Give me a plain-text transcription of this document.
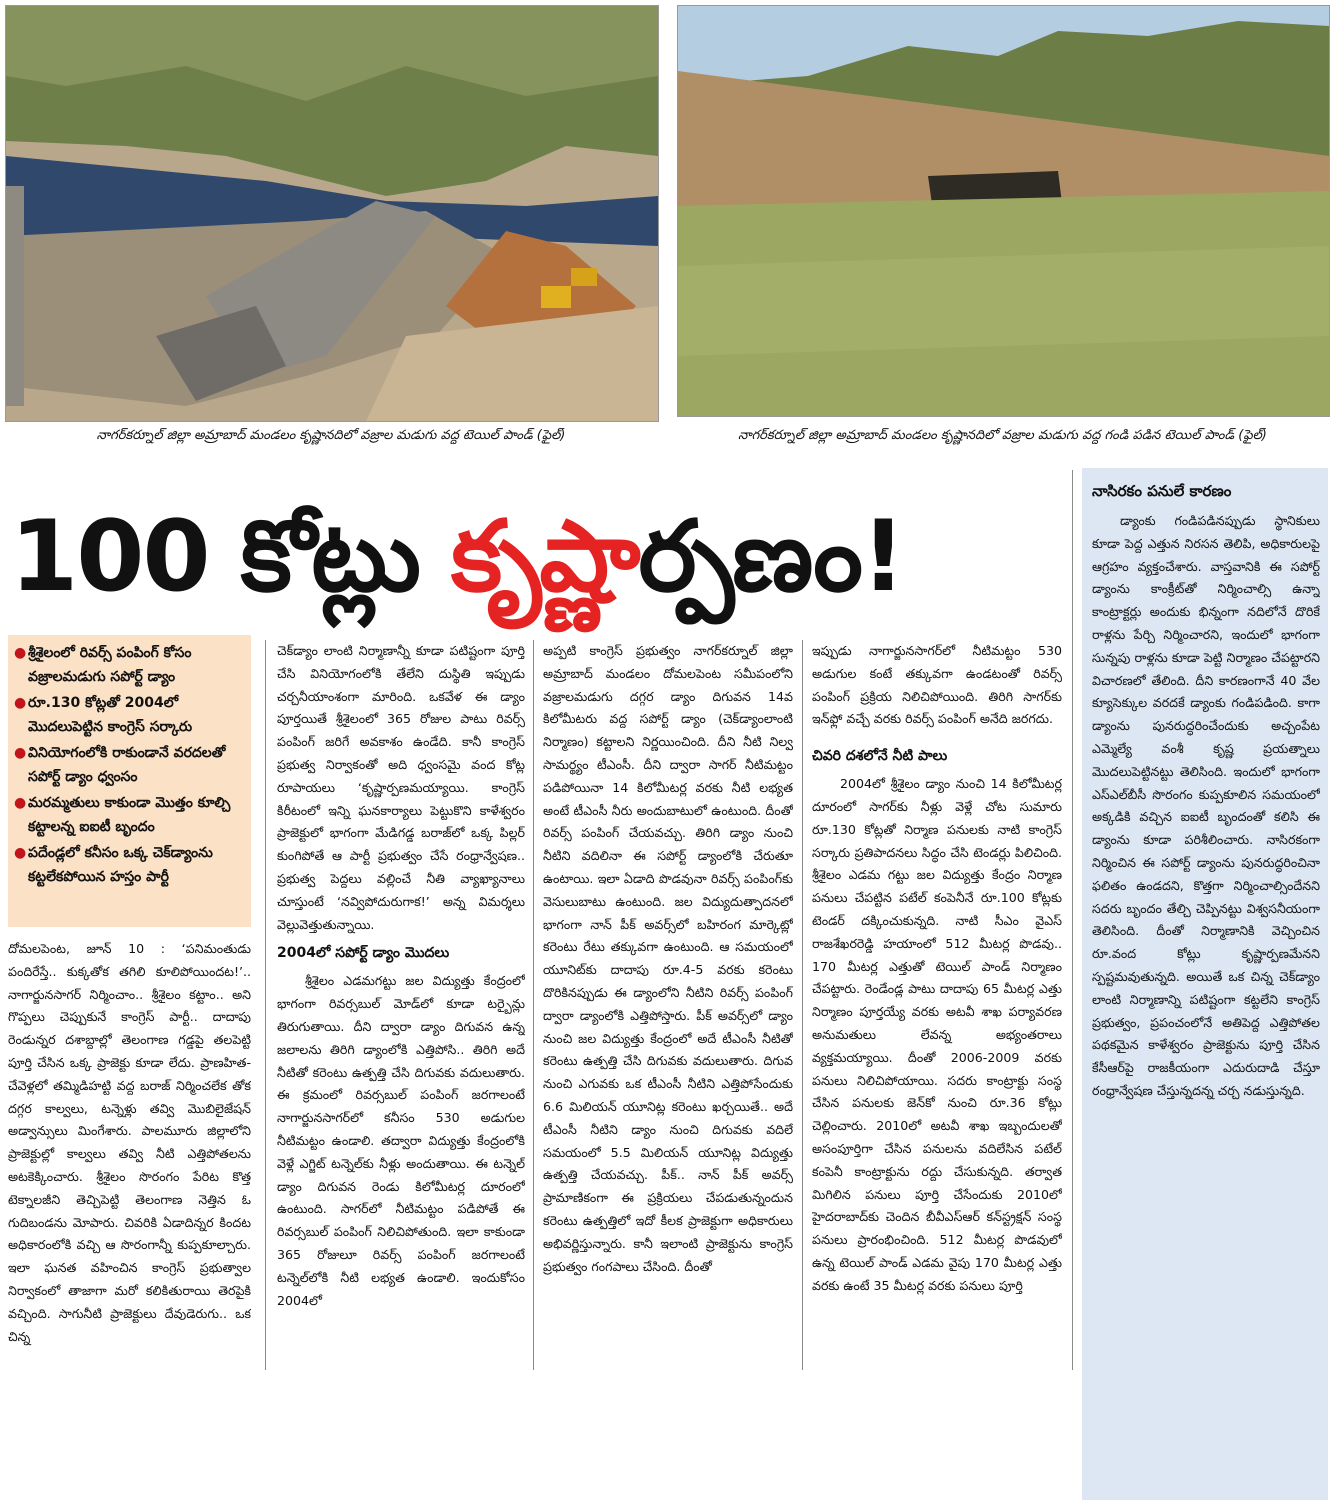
నాగర్‌కర్నూల్ జిల్లా అమ్రాబాద్ మండలం కృష్ణానదిలో వజ్రాల మడుగు వద్ద టెయిల్ పాండ్ (ఫైల్)	నాగర్‌కర్నూల్ జిల్లా అమ్రాబాద్ మండలం కృష్ణానదిలో వజ్రాల మడుగు వద్ద గండి పడిన టెయిల్ పాండ్ (ఫైల్)
100 కోట్లు కృష్ణార్పణం!
● శ్రీశైలంలో రివర్స్ పంపింగ్ కోసం వజ్రాలమడుగు సపోర్ట్ డ్యాం
● రూ.130 కోట్లతో 2004లో మొదలుపెట్టిన కాంగ్రెస్ సర్కారు
● వినియోగంలోకి రాకుండానే వరదలతో సపోర్ట్ డ్యాం ధ్వంసం
● మరమ్మతులు కాకుండా మొత్తం కూల్చి కట్టాలన్న ఐఐటీ బృందం
● పదేండ్లలో కనీసం ఒక్క చెక్‌డ్యాంను కట్టలేకపోయిన హస్తం పార్టీ

దోమలపెంట, జూన్ 10 : ‘పనిమంతుడు పందిరేస్తే.. కుక్కతోక తగిలి కూలిపోయిందట!’.. నాగార్జునసాగర్ నిర్మించాం.. శ్రీశైలం కట్టాం.. అని గొప్పలు చెప్పుకునే కాంగ్రెస్ పార్టీ.. దాదాపు రెండున్నర దశాబ్దాల్లో తెలంగాణ గడ్డపై తలపెట్టి పూర్తి చేసిన ఒక్క ప్రాజెక్టు కూడా లేదు. ప్రాణహిత-చేవెళ్లలో తమ్మిడిహట్టి వద్ద బరాజ్ నిర్మించలేక తోక దగ్గర కాల్వలు, టన్నెళ్లు తవ్వి మొబిలైజేషన్ అడ్వాన్సులు మింగేశారు. పాలమూరు జిల్లాలోని ప్రాజెక్టుల్లో కాల్వలు తవ్వి నీటి ఎత్తిపోతలను అటకెక్కించారు. శ్రీశైలం సొరంగం పేరిట కొత్త టెక్నాలజీని తెచ్చిపెట్టి తెలంగాణ నెత్తిన ఓ గుదిబండను మోపారు. చివరికి ఏడాదిన్నర కిందట అధికారంలోకి వచ్చి ఆ సొరంగాన్నీ కుప్పకూల్చారు. ఇలా ఘనత వహించిన కాంగ్రెస్ ప్రభుత్వాల నిర్వాకంలో తాజాగా మరో కలికితురాయి తెరపైకి వచ్చింది. సాగునీటి ప్రాజెక్టులు దేవుడెరుగు.. ఒక చిన్న

చెక్‌డ్యాం లాంటి నిర్మాణాన్నీ కూడా పటిష్టంగా పూర్తి చేసి వినియోగంలోకి తేలేని దుస్థితి ఇప్పుడు చర్చనీయాంశంగా మారింది. ఒకవేళ ఈ డ్యాం పూర్తయితే శ్రీశైలంలో 365 రోజుల పాటు రివర్స్ పంపింగ్ జరిగే అవకాశం ఉండేది. కానీ కాంగ్రెస్ ప్రభుత్వ నిర్వాకంతో అది ధ్వంసమై వంద కోట్ల రూపాయలు ‘కృష్ణార్పణమయ్యాయి. కాంగ్రెస్ కిరీటంలో ఇన్ని ఘనకార్యాలు పెట్టుకొని కాళేశ్వరం ప్రాజెక్టులో భాగంగా మేడిగడ్డ బరాజ్‌లో ఒక్క పిల్లర్ కుంగిపోతే ఆ పార్టీ ప్రభుత్వం చేసే రంధ్రాన్వేషణ.. ప్రభుత్వ పెద్దలు వల్లించే నీతి వ్యాఖ్యానాలు చూస్తుంటే ‘నవ్విపోదురుగాక!’ అన్న విమర్శలు వెల్లువెత్తుతున్నాయి.

2004లో సపోర్ట్ డ్యాం మొదలు

శ్రీశైలం ఎడమగట్టు జల విద్యుత్తు కేంద్రంలో భాగంగా రివర్సబుల్ మోడ్‌లో కూడా టర్బైన్లు తిరుగుతాయి. దీని ద్వారా డ్యాం దిగువన ఉన్న జలాలను తిరిగి డ్యాంలోకి ఎత్తిపోసి.. తిరిగి అదే నీటితో కరెంటు ఉత్పత్తి చేసి దిగువకు వదులుతారు. ఈ క్రమంలో రివర్సబుల్ పంపింగ్ జరగాలంటే నాగార్జునసాగర్‌లో కనీసం 530 అడుగుల నీటిమట్టం ఉండాలి. తద్వారా విద్యుత్తు కేంద్రంలోకి వెళ్లే ఎగ్జిట్ టన్నెల్‌కు నీళ్లు అందుతాయి. ఈ టన్నెల్ డ్యాం దిగువన రెండు కిలోమీటర్ల దూరంలో ఉంటుంది. సాగర్‌లో నీటిమట్టం పడిపోతే ఈ రివర్సబుల్ పంపింగ్ నిలిచిపోతుంది. ఇలా కాకుండా 365 రోజులూ రివర్స్ పంపింగ్ జరగాలంటే టన్నెల్‌లోకి నీటి లభ్యత ఉండాలి. ఇందుకోసం 2004లో

అప్పటి కాంగ్రెస్ ప్రభుత్వం నాగర్‌కర్నూల్ జిల్లా అమ్రాబాద్ మండలం దోమలపెంట సమీపంలోని వజ్రాలమడుగు దగ్గర డ్యాం దిగువన 14వ కిలోమీటరు వద్ద సపోర్ట్ డ్యాం (చెక్‌డ్యాంలాంటి నిర్మాణం) కట్టాలని నిర్ణయించింది. దీని నీటి నిల్వ సామర్థ్యం టీఎంసీ. దీని ద్వారా సాగర్ నీటిమట్టం పడిపోయినా 14 కిలోమీటర్ల వరకు నీటి లభ్యత అంటే టీఎంసీ నీరు అందుబాటులో ఉంటుంది. దీంతో రివర్స్ పంపింగ్ చేయవచ్చు. తిరిగి డ్యాం నుంచి నీటిని వదిలినా ఈ సపోర్ట్ డ్యాంలోకి చేరుతూ ఉంటాయి. ఇలా ఏడాది పొడవునా రివర్స్ పంపింగ్‌కు వెసులుబాటు ఉంటుంది. జల విద్యుదుత్పాదనలో భాగంగా నాన్ పీక్ అవర్స్‌లో బహిరంగ మార్కెట్లో కరెంటు రేటు తక్కువగా ఉంటుంది. ఆ సమయంలో యూనిట్‌కు దాదాపు రూ.4-5 వరకు కరెంటు దొరికినప్పుడు ఈ డ్యాంలోని నీటిని రివర్స్ పంపింగ్ ద్వారా డ్యాంలోకి ఎత్తిపోస్తారు. పీక్ అవర్స్‌లో డ్యాం నుంచి జల విద్యుత్తు కేంద్రంలో అదే టీఎంసీ నీటితో కరెంటు ఉత్పత్తి చేసి దిగువకు వదులుతారు. దిగువ నుంచి ఎగువకు ఒక టీఎంసీ నీటిని ఎత్తిపోసేందుకు 6.6 మిలియన్ యూనిట్ల కరెంటు ఖర్చయితే.. అదే టీఎంసీ నీటిని డ్యాం నుంచి దిగువకు వదిలే సమయంలో 5.5 మిలియన్ యూనిట్ల విద్యుత్తు ఉత్పత్తి చేయవచ్చు. పీక్.. నాన్ పీక్ అవర్స్ ప్రామాణికంగా ఈ ప్రక్రియలు చేపడుతున్నందున కరెంటు ఉత్పత్తిలో ఇదో కీలక ప్రాజెక్టుగా అధికారులు అభివర్ణిస్తున్నారు. కానీ ఇలాంటి ప్రాజెక్టును కాంగ్రెస్ ప్రభుత్వం గంగపాలు చేసింది. దీంతో

ఇప్పుడు నాగార్జునసాగర్‌లో నీటిమట్టం 530 అడుగుల కంటే తక్కువగా ఉండటంతో రివర్స్ పంపింగ్ ప్రక్రియ నిలిచిపోయింది. తిరిగి సాగర్‌కు ఇన్‌ఫ్లో వచ్చే వరకు రివర్స్ పంపింగ్ అనేది జరగదు.

చివరి దశలోనే నీటి పాలు

2004లో శ్రీశైలం డ్యాం నుంచి 14 కిలోమీటర్ల దూరంలో సాగర్‌కు నీళ్లు వెళ్లే చోట సుమారు రూ.130 కోట్లతో నిర్మాణ పనులకు నాటి కాంగ్రెస్ సర్కారు ప్రతిపాదనలు సిద్ధం చేసి టెండర్లు పిలిచింది. శ్రీశైలం ఎడమ గట్టు జల విద్యుత్తు కేంద్రం నిర్మాణ పనులు చేపట్టిన పటేల్ కంపెనీనే రూ.100 కోట్లకు టెండర్ దక్కించుకున్నది. నాటి సీఎం వైఎస్ రాజశేఖరరెడ్డి హయాంలో 512 మీటర్ల పొడవు.. 170 మీటర్ల ఎత్తుతో టెయిల్ పాండ్ నిర్మాణం చేపట్టారు. రెండేండ్ల పాటు దాదాపు 65 మీటర్ల ఎత్తు నిర్మాణం పూర్తయ్యే వరకు అటవీ శాఖ పర్యావరణ అనుమతులు లేవన్న అభ్యంతరాలు వ్యక్తమయ్యాయి. దీంతో 2006-2009 వరకు పనులు నిలిచిపోయాయి. సదరు కాంట్రాక్టు సంస్థ చేసిన పనులకు జెన్‌కో నుంచి రూ.36 కోట్లు చెల్లించారు. 2010లో అటవీ శాఖ ఇబ్బందులతో అసంపూర్తిగా చేసిన పనులను వదిలేసిన పటేల్ కంపెనీ కాంట్రాక్టును రద్దు చేసుకున్నది. తర్వాత మిగిలిన పనులు పూర్తి చేసేందుకు 2010లో హైదరాబాద్‌కు చెందిన బీవీఎస్‌ఆర్ కన్‌స్ట్రక్షన్ సంస్థ పనులు ప్రారంభించింది. 512 మీటర్ల పొడవులో ఉన్న టెయిల్ పాండ్ ఎడమ వైపు 170 మీటర్ల ఎత్తు వరకు ఉంటే 35 మీటర్ల వరకు పనులు పూర్తి

నాసిరకం పనులే కారణం

డ్యాంకు గండిపడినప్పుడు స్థానికులు కూడా పెద్ద ఎత్తున నిరసన తెలిపి, అధికారులపై ఆగ్రహం వ్యక్తంచేశారు. వాస్తవానికి ఈ సపోర్ట్ డ్యాంను కాంక్రీట్‌తో నిర్మించాల్సి ఉన్నా కాంట్రాక్టర్లు అందుకు భిన్నంగా నదిలోనే దొరికే రాళ్లను పేర్చి నిర్మించారని, ఇందులో భాగంగా సున్నపు రాళ్లను కూడా పెట్టి నిర్మాణం చేపట్టారని విచారణలో తేలింది. దీని కారణంగానే 40 వేల క్యూసెక్కుల వరదకే డ్యాంకు గండిపడింది. కాగా డ్యాంను పునరుద్ధరించేందుకు అచ్చంపేట ఎమ్మెల్యే వంశీ కృష్ణ ప్రయత్నాలు మొదలుపెట్టినట్టు తెలిసింది. ఇందులో భాగంగా ఎస్ఎల్‌బీసీ సొరంగం కుప్పకూలిన సమయంలో అక్కడికి వచ్చిన ఐఐటీ బృందంతో కలిసి ఈ డ్యాంను కూడా పరిశీలించారు. నాసిరకంగా నిర్మించిన ఈ సపోర్ట్ డ్యాంను పునరుద్ధరించినా ఫలితం ఉండదని, కొత్తగా నిర్మించాల్సిందేనని సదరు బృందం తేల్చి చెప్పినట్టు విశ్వసనీయంగా తెలిసింది. దీంతో నిర్మాణానికి వెచ్చించిన రూ.వంద కోట్లు కృష్ణార్పణమేనని స్పష్టమవుతున్నది. అయితే ఒక చిన్న చెక్‌డ్యాం లాంటి నిర్మాణాన్ని పటిష్టంగా కట్టలేని కాంగ్రెస్ ప్రభుత్వం, ప్రపంచంలోనే అతిపెద్ద ఎత్తిపోతల పథకమైన కాళేశ్వరం ప్రాజెక్టును పూర్తి చేసిన కేసీఆర్‌పై రాజకీయంగా ఎదురుదాడి చేస్తూ రంధ్రాన్వేషణ చేస్తున్నదన్న చర్చ నడుస్తున్నది.
